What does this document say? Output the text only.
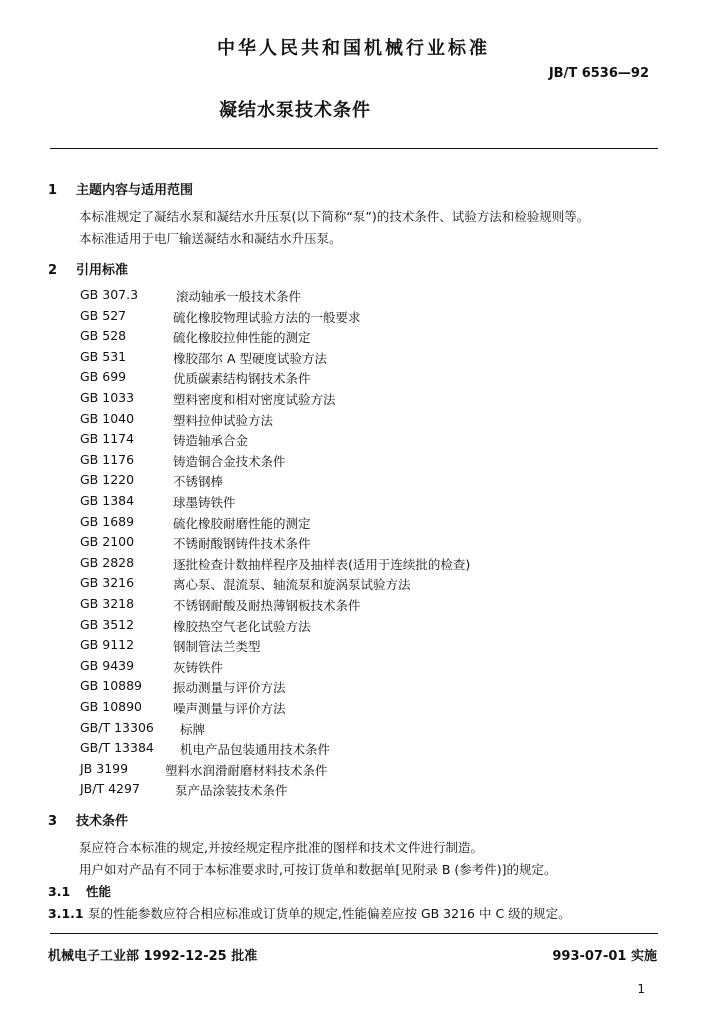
中华人民共和国机械行业标准
JB/T 6536—92
凝结水泵技术条件
1 主题内容与适用范围
本标准规定了凝结水泵和凝结水升压泵(以下简称“泵”)的技术条件、试验方法和检验规则等。
本标准适用于电厂输送凝结水和凝结水升压泵。
2 引用标准
GB 307.3	滚动轴承一般技术条件
GB 527	硫化橡胶物理试验方法的一般要求
GB 528	硫化橡胶拉伸性能的测定
GB 531	橡胶邵尔 A 型硬度试验方法
GB 699	优质碳素结构钢技术条件
GB 1033	塑料密度和相对密度试验方法
GB 1040	塑料拉伸试验方法
GB 1174	铸造轴承合金
GB 1176	铸造铜合金技术条件
GB 1220	不锈钢棒
GB 1384	球墨铸铁件
GB 1689	硫化橡胶耐磨性能的测定
GB 2100	不锈耐酸钢铸件技术条件
GB 2828	逐批检查计数抽样程序及抽样表(适用于连续批的检查)
GB 3216	离心泵、混流泵、轴流泵和旋涡泵试验方法
GB 3218	不锈钢耐酸及耐热薄钢板技术条件
GB 3512	橡胶热空气老化试验方法
GB 9112	钢制管法兰类型
GB 9439	灰铸铁件
GB 10889 振动测量与评价方法
GB 10890 噪声测量与评价方法
GB/T 13306 标牌
GB/T 13384 机电产品包装通用技术条件
JB 3199	塑料水润滑耐磨材料技术条件
JB/T 4297	泵产品涂装技术条件
3 技术条件
泵应符合本标准的规定,并按经规定程序批准的图样和技术文件进行制造。
用户如对产品有不同于本标准要求时,可按订货单和数据单[见附录 B (参考件)]的规定。
3.1 性能
3.1.1 泵的性能参数应符合相应标准或订货单的规定,性能偏差应按 GB 3216 中 C 级的规定。
机械电子工业部 1992-12-25 批准	993-07-01 实施
1
